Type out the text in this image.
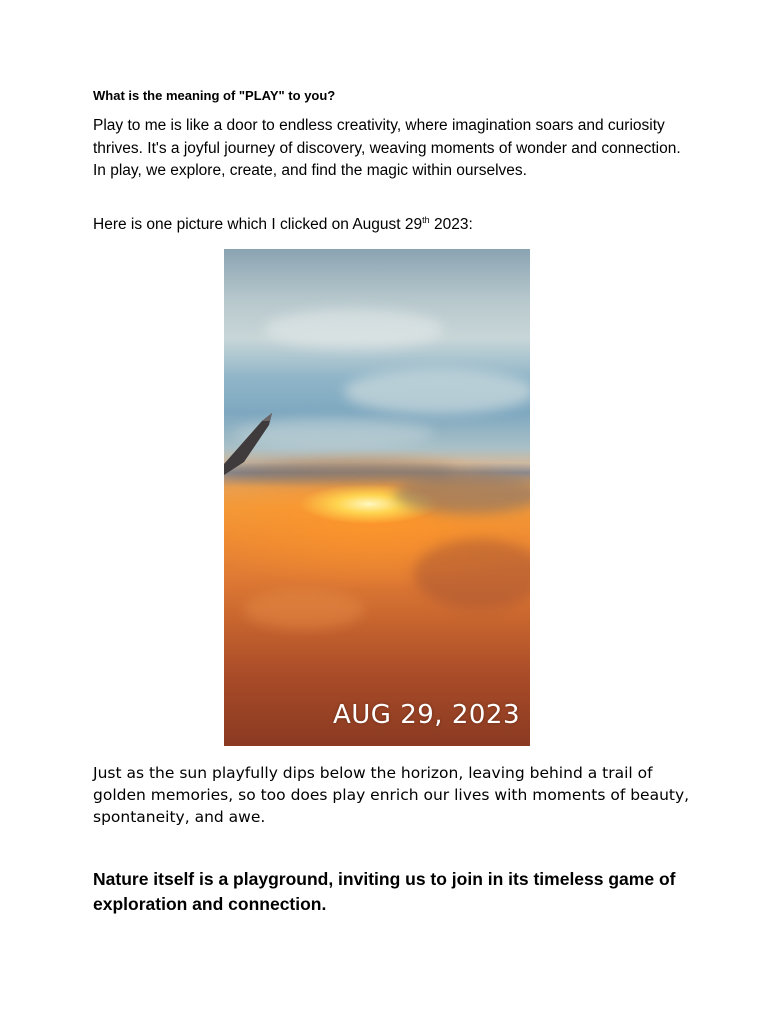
What is the meaning of "PLAY" to you?

Play to me is like a door to endless creativity, where imagination soars and curiosity thrives. It's a joyful journey of discovery, weaving moments of wonder and connection. In play, we explore, create, and find the magic within ourselves.

Here is one picture which I clicked on August 29th 2023:

AUG 29, 2023

Just as the sun playfully dips below the horizon, leaving behind a trail of golden memories, so too does play enrich our lives with moments of beauty, spontaneity, and awe.

Nature itself is a playground, inviting us to join in its timeless game of exploration and connection.
